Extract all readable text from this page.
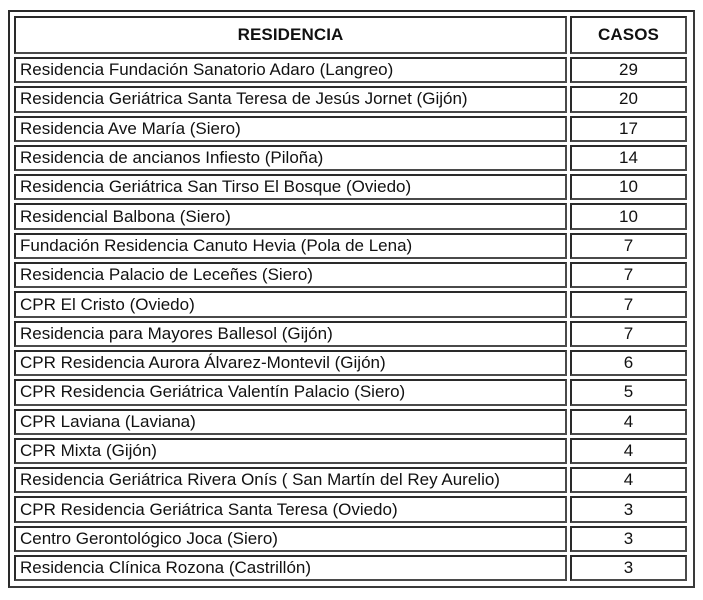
RESIDENCIA	CASOS
Residencia Fundación Sanatorio Adaro (Langreo)	29
Residencia Geriátrica Santa Teresa de Jesús Jornet (Gijón)	20
Residencia Ave María (Siero)	17
Residencia de ancianos Infiesto (Piloña)	14
Residencia Geriátrica San Tirso El Bosque (Oviedo)	10
Residencial Balbona (Siero)	10
Fundación Residencia Canuto Hevia (Pola de Lena)	7
Residencia Palacio de Leceñes (Siero)	7
CPR El Cristo (Oviedo)	7
Residencia para Mayores Ballesol (Gijón)	7
CPR Residencia Aurora Álvarez-Montevil (Gijón)	6
CPR Residencia Geriátrica Valentín Palacio (Siero)	5
CPR Laviana (Laviana)	4
CPR Mixta (Gijón)	4
Residencia Geriátrica Rivera Onís ( San Martín del Rey Aurelio)	4
CPR Residencia Geriátrica Santa Teresa (Oviedo)	3
Centro Gerontológico Joca (Siero)	3
Residencia Clínica Rozona (Castrillón)	3
